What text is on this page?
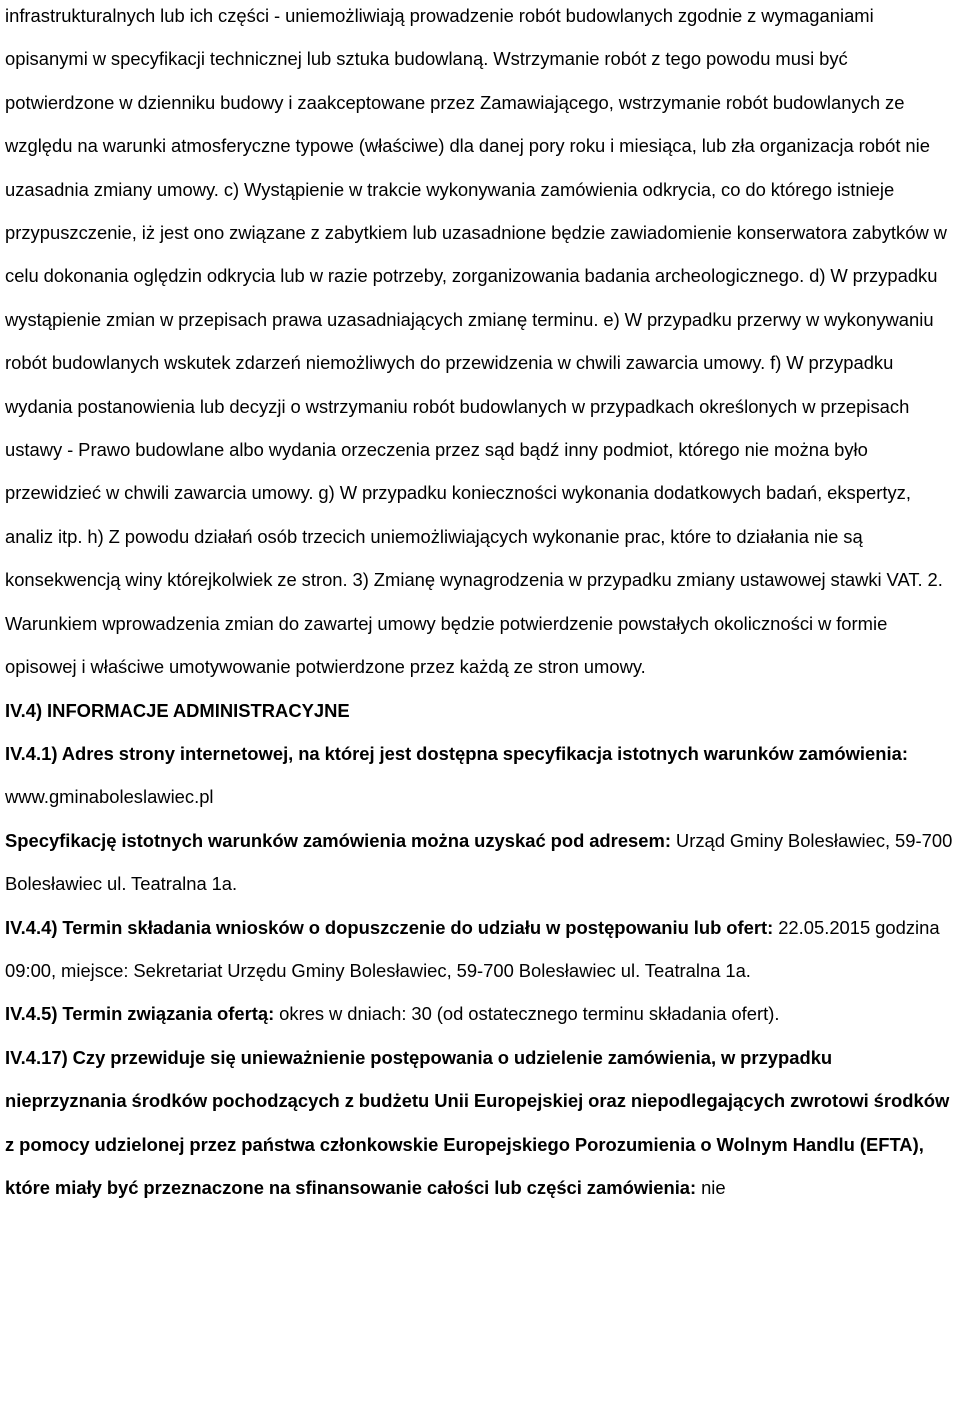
infrastrukturalnych lub ich części - uniemożliwiają prowadzenie robót budowlanych zgodnie z wymaganiami opisanymi w specyfikacji technicznej lub sztuka budowlaną. Wstrzymanie robót z tego powodu musi być potwierdzone w dzienniku budowy i zaakceptowane przez Zamawiającego, wstrzymanie robót budowlanych ze względu na warunki atmosferyczne typowe (właściwe) dla danej pory roku i miesiąca, lub zła organizacja robót nie uzasadnia zmiany umowy. c) Wystąpienie w trakcie wykonywania zamówienia odkrycia, co do którego istnieje przypuszczenie, iż jest ono związane z zabytkiem lub uzasadnione będzie zawiadomienie konserwatora zabytków w celu dokonania oględzin odkrycia lub w razie potrzeby, zorganizowania badania archeologicznego. d) W przypadku wystąpienie zmian w przepisach prawa uzasadniających zmianę terminu. e) W przypadku przerwy w wykonywaniu robót budowlanych wskutek zdarzeń niemożliwych do przewidzenia w chwili zawarcia umowy. f) W przypadku wydania postanowienia lub decyzji o wstrzymaniu robót budowlanych w przypadkach określonych w przepisach ustawy - Prawo budowlane albo wydania orzeczenia przez sąd bądź inny podmiot, którego nie można było przewidzieć w chwili zawarcia umowy. g) W przypadku konieczności wykonania dodatkowych badań, ekspertyz, analiz itp. h) Z powodu działań osób trzecich uniemożliwiających wykonanie prac, które to działania nie są konsekwencją winy którejkolwiek ze stron. 3) Zmianę wynagrodzenia w przypadku zmiany ustawowej stawki VAT. 2. Warunkiem wprowadzenia zmian do zawartej umowy będzie potwierdzenie powstałych okoliczności w formie opisowej i właściwe umotywowanie potwierdzone przez każdą ze stron umowy.

IV.4) INFORMACJE ADMINISTRACYJNE

IV.4.1) Adres strony internetowej, na której jest dostępna specyfikacja istotnych warunków zamówienia: www.gminaboleslawiec.pl

Specyfikację istotnych warunków zamówienia można uzyskać pod adresem: Urząd Gminy Bolesławiec, 59-700 Bolesławiec ul. Teatralna 1a.

IV.4.4) Termin składania wniosków o dopuszczenie do udziału w postępowaniu lub ofert: 22.05.2015 godzina 09:00, miejsce: Sekretariat Urzędu Gminy Bolesławiec, 59-700 Bolesławiec ul. Teatralna 1a.

IV.4.5) Termin związania ofertą: okres w dniach: 30 (od ostatecznego terminu składania ofert).

IV.4.17) Czy przewiduje się unieważnienie postępowania o udzielenie zamówienia, w przypadku nieprzyznania środków pochodzących z budżetu Unii Europejskiej oraz niepodlegających zwrotowi środków z pomocy udzielonej przez państwa członkowskie Europejskiego Porozumienia o Wolnym Handlu (EFTA), które miały być przeznaczone na sfinansowanie całości lub części zamówienia: nie
